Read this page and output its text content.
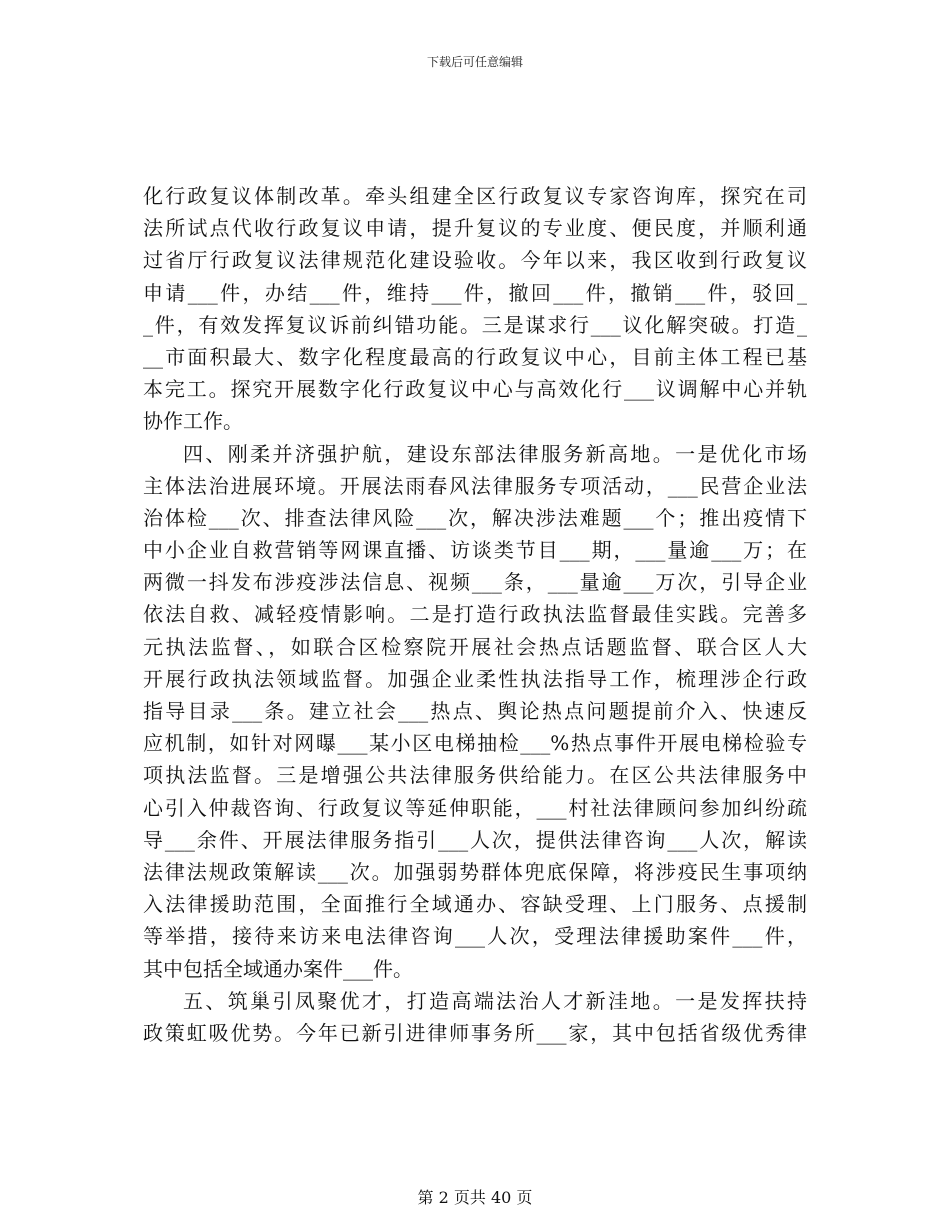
下载后可任意编辑
化行政复议体制改革。牵头组建全区行政复议专家咨询库，探究在司
法所试点代收行政复议申请，提升复议的专业度、便民度，并顺利通
过省厅行政复议法律规范化建设验收。今年以来，我区收到行政复议
申请___件，办结___件，维持___件，撤回___件，撤销___件，驳回_
_件，有效发挥复议诉前纠错功能。三是谋求行___议化解突破。打造_
__市面积最大、数字化程度最高的行政复议中心，目前主体工程已基
本完工。探究开展数字化行政复议中心与高效化行___议调解中心并轨
协作工作。
四、刚柔并济强护航，建设东部法律服务新高地。一是优化市场
主体法治进展环境。开展法雨春风法律服务专项活动，___民营企业法
治体检___次、排查法律风险___次，解决涉法难题___个；推出疫情下
中小企业自救营销等网课直播、访谈类节目___期，___量逾___万；在
两微一抖发布涉疫涉法信息、视频___条，___量逾___万次，引导企业
依法自救、减轻疫情影响。二是打造行政执法监督最佳实践。完善多
元执法监督、，如联合区检察院开展社会热点话题监督、联合区人大
开展行政执法领域监督。加强企业柔性执法指导工作，梳理涉企行政
指导目录___条。建立社会___热点、舆论热点问题提前介入、快速反
应机制，如针对网曝___某小区电梯抽检___%热点事件开展电梯检验专
项执法监督。三是增强公共法律服务供给能力。在区公共法律服务中
心引入仲裁咨询、行政复议等延伸职能，___村社法律顾问参加纠纷疏
导___余件、开展法律服务指引___人次，提供法律咨询___人次，解读
法律法规政策解读___次。加强弱势群体兜底保障，将涉疫民生事项纳
入法律援助范围，全面推行全域通办、容缺受理、上门服务、点援制
等举措，接待来访来电法律咨询___人次，受理法律援助案件___件，
其中包括全域通办案件___件。
五、筑巢引凤聚优才，打造高端法治人才新洼地。一是发挥扶持
政策虹吸优势。今年已新引进律师事务所___家，其中包括省级优秀律
第 2 页共 40 页
